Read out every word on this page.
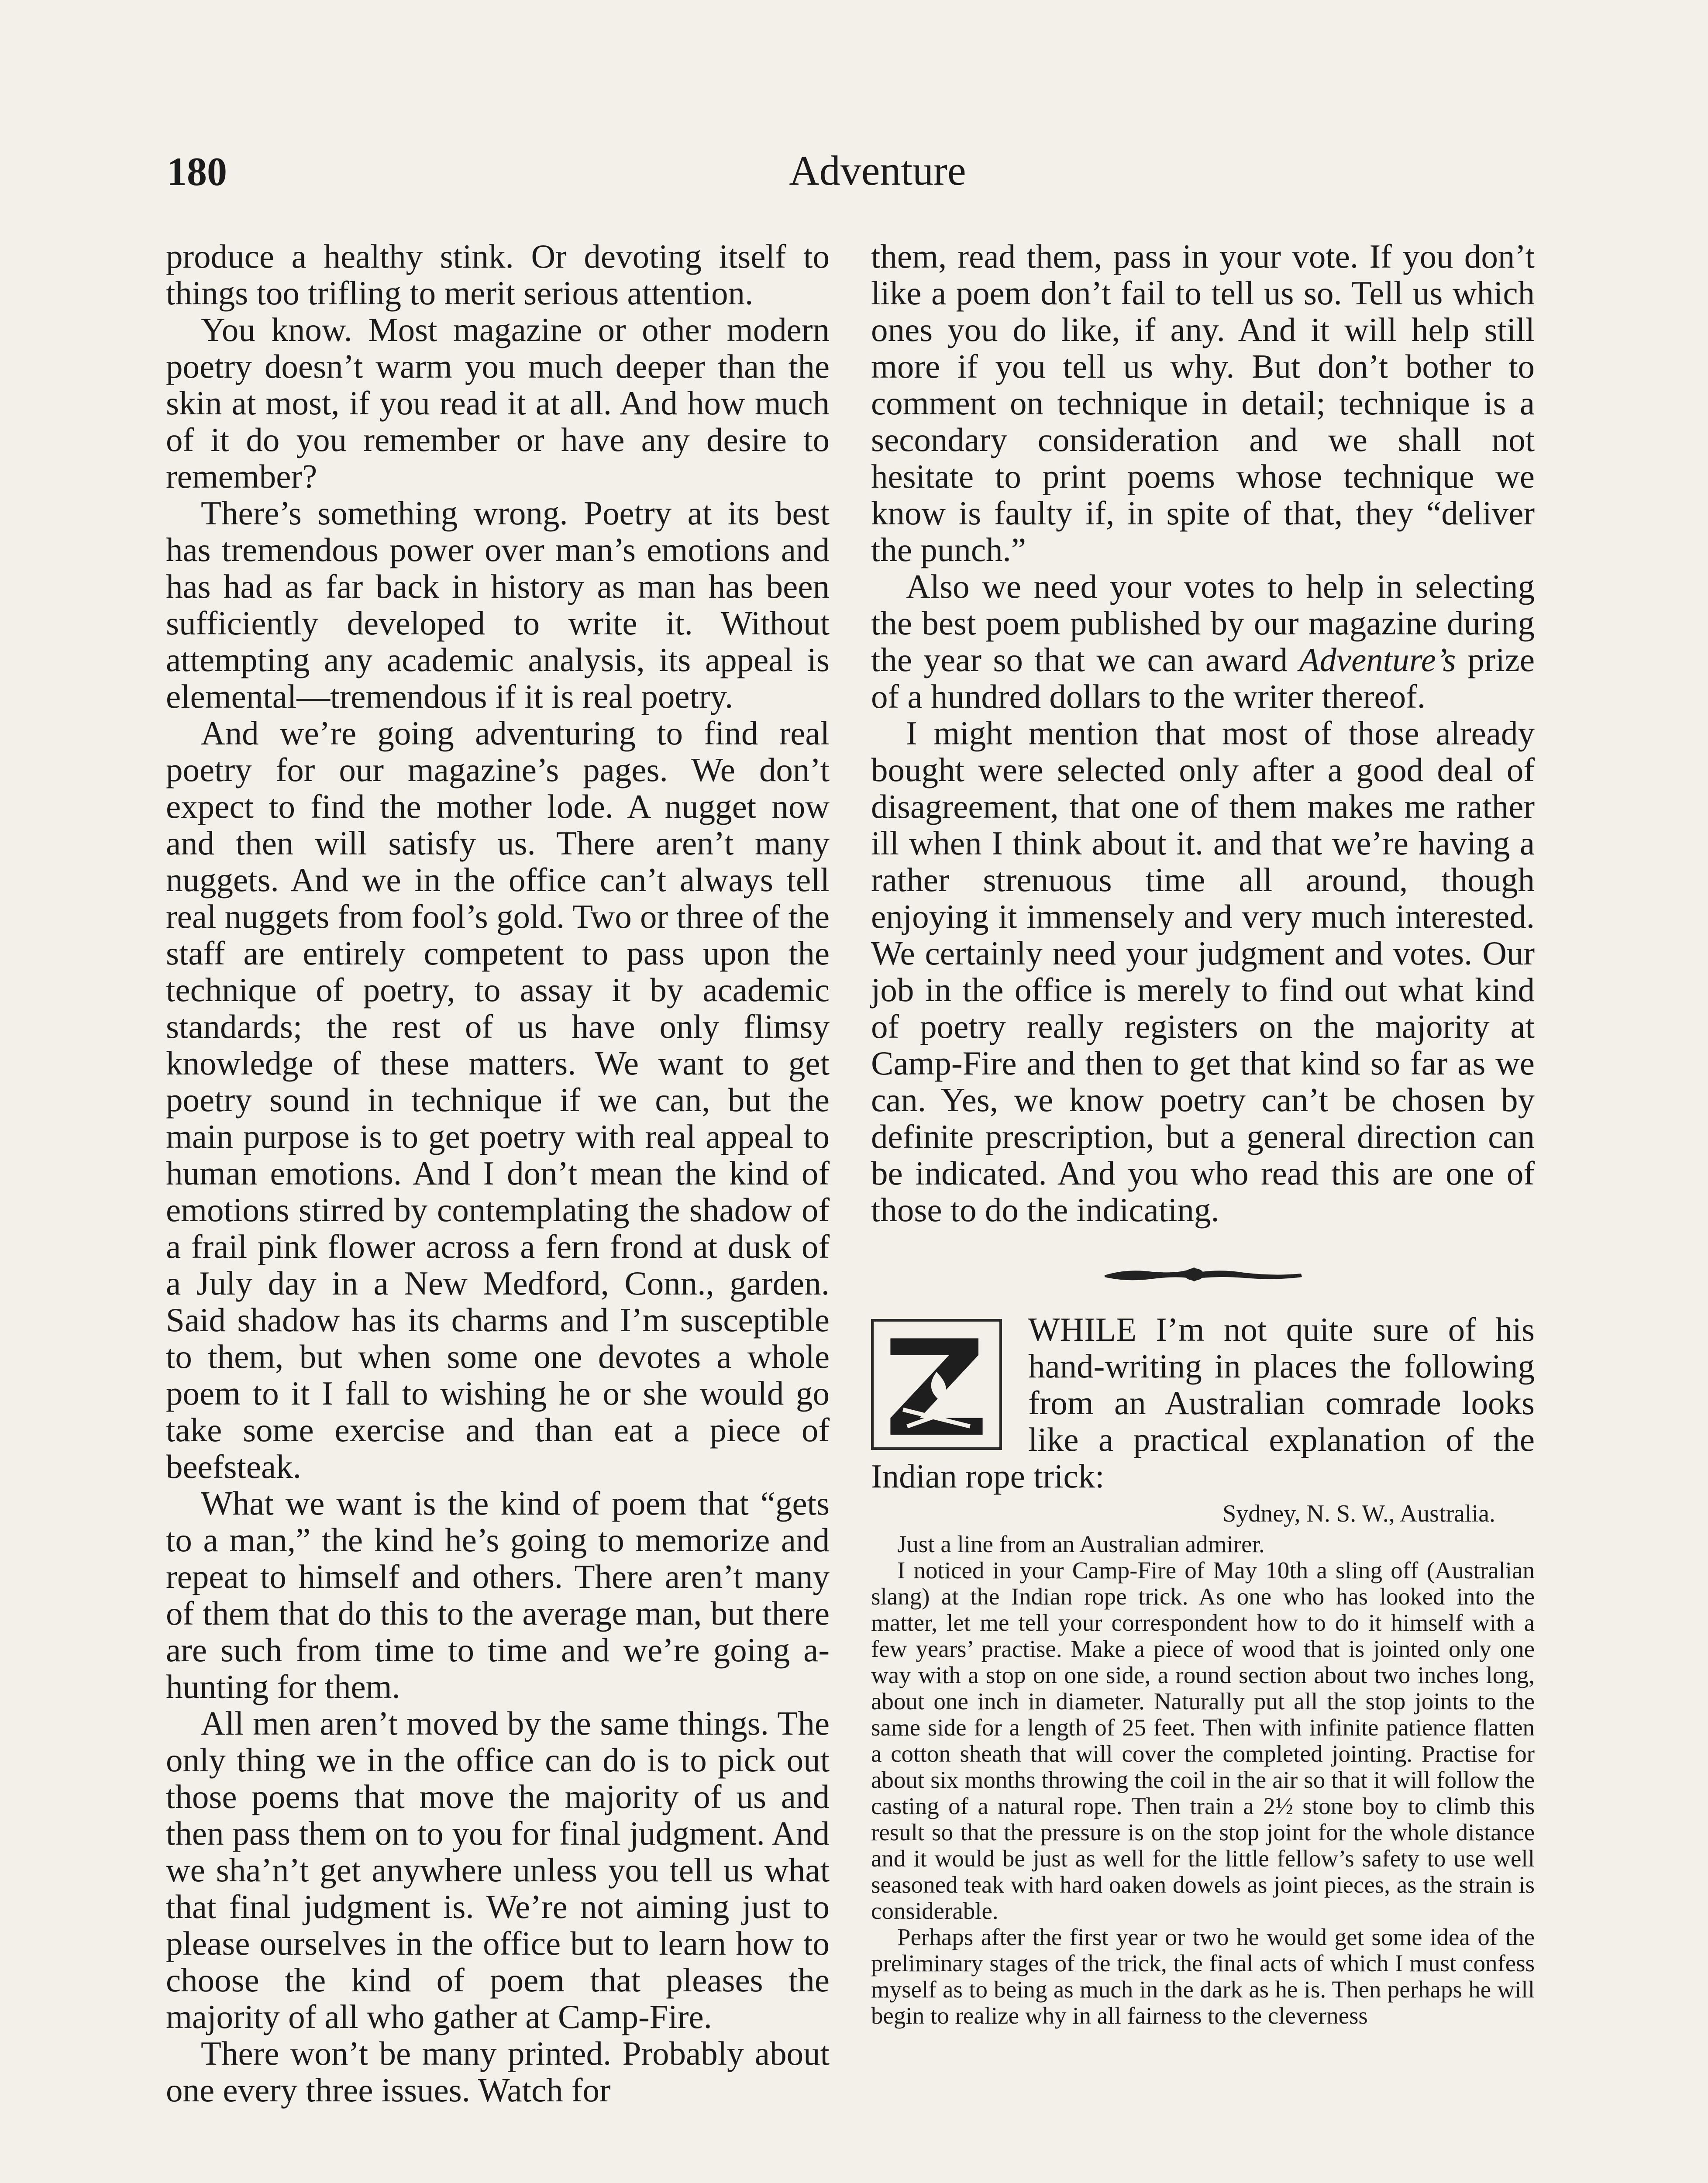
180	Adventure

produce a healthy stink. Or devoting itself to things too trifling to merit serious attention.

You know. Most magazine or other modern poetry doesn’t warm you much deeper than the skin at most, if you read it at all. And how much of it do you remember or have any desire to remember?

There’s something wrong. Poetry at its best has tremendous power over man’s emotions and has had as far back in history as man has been sufficiently developed to write it. Without attempting any academic analysis, its appeal is elemental—tremendous if it is real poetry.

And we’re going adventuring to find real poetry for our magazine’s pages. We don’t expect to find the mother lode. A nugget now and then will satisfy us. There aren’t many nuggets. And we in the office can’t always tell real nuggets from fool’s gold. Two or three of the staff are entirely competent to pass upon the technique of poetry, to assay it by academic standards; the rest of us have only flimsy knowledge of these matters. We want to get poetry sound in technique if we can, but the main purpose is to get poetry with real appeal to human emotions. And I don’t mean the kind of emotions stirred by contemplating the shadow of a frail pink flower across a fern frond at dusk of a July day in a New Medford, Conn., garden. Said shadow has its charms and I’m susceptible to them, but when some one devotes a whole poem to it I fall to wishing he or she would go take some exercise and than eat a piece of beefsteak.

What we want is the kind of poem that “gets to a man,” the kind he’s going to memorize and repeat to himself and others. There aren’t many of them that do this to the average man, but there are such from time to time and we’re going a-hunting for them.

All men aren’t moved by the same things. The only thing we in the office can do is to pick out those poems that move the majority of us and then pass them on to you for final judgment. And we sha’n’t get anywhere unless you tell us what that final judgment is. We’re not aiming just to please ourselves in the office but to learn how to choose the kind of poem that pleases the majority of all who gather at Camp-Fire.

There won’t be many printed. Probably about one every three issues. Watch for

them, read them, pass in your vote. If you don’t like a poem don’t fail to tell us so. Tell us which ones you do like, if any. And it will help still more if you tell us why. But don’t bother to comment on technique in detail; technique is a secondary consideration and we shall not hesitate to print poems whose technique we know is faulty if, in spite of that, they “deliver the punch.”

Also we need your votes to help in selecting the best poem published by our magazine during the year so that we can award Adventure’s prize of a hundred dollars to the writer thereof.

I might mention that most of those already bought were selected only after a good deal of disagreement, that one of them makes me rather ill when I think about it. and that we’re having a rather strenuous time all around, though enjoying it immensely and very much interested. We certainly need your judgment and votes. Our job in the office is merely to find out what kind of poetry really registers on the majority at Camp-Fire and then to get that kind so far as we can. Yes, we know poetry can’t be chosen by definite prescription, but a general direction can be indicated. And you who read this are one of those to do the indicating.

WHILE I’m not quite sure of his hand-writing in places the following from an Australian comrade looks like a practical explanation of the Indian rope trick:

Sydney, N. S. W., Australia.

Just a line from an Australian admirer.

I noticed in your Camp-Fire of May 10th a sling off (Australian slang) at the Indian rope trick. As one who has looked into the matter, let me tell your correspondent how to do it himself with a few years’ practise. Make a piece of wood that is jointed only one way with a stop on one side, a round section about two inches long, about one inch in diameter. Naturally put all the stop joints to the same side for a length of 25 feet. Then with infinite patience flatten a cotton sheath that will cover the completed jointing. Practise for about six months throwing the coil in the air so that it will follow the casting of a natural rope. Then train a 2½ stone boy to climb this result so that the pressure is on the stop joint for the whole distance and it would be just as well for the little fellow’s safety to use well seasoned teak with hard oaken dowels as joint pieces, as the strain is considerable.

Perhaps after the first year or two he would get some idea of the preliminary stages of the trick, the final acts of which I must confess myself as to being as much in the dark as he is. Then perhaps he will begin to realize why in all fairness to the cleverness
